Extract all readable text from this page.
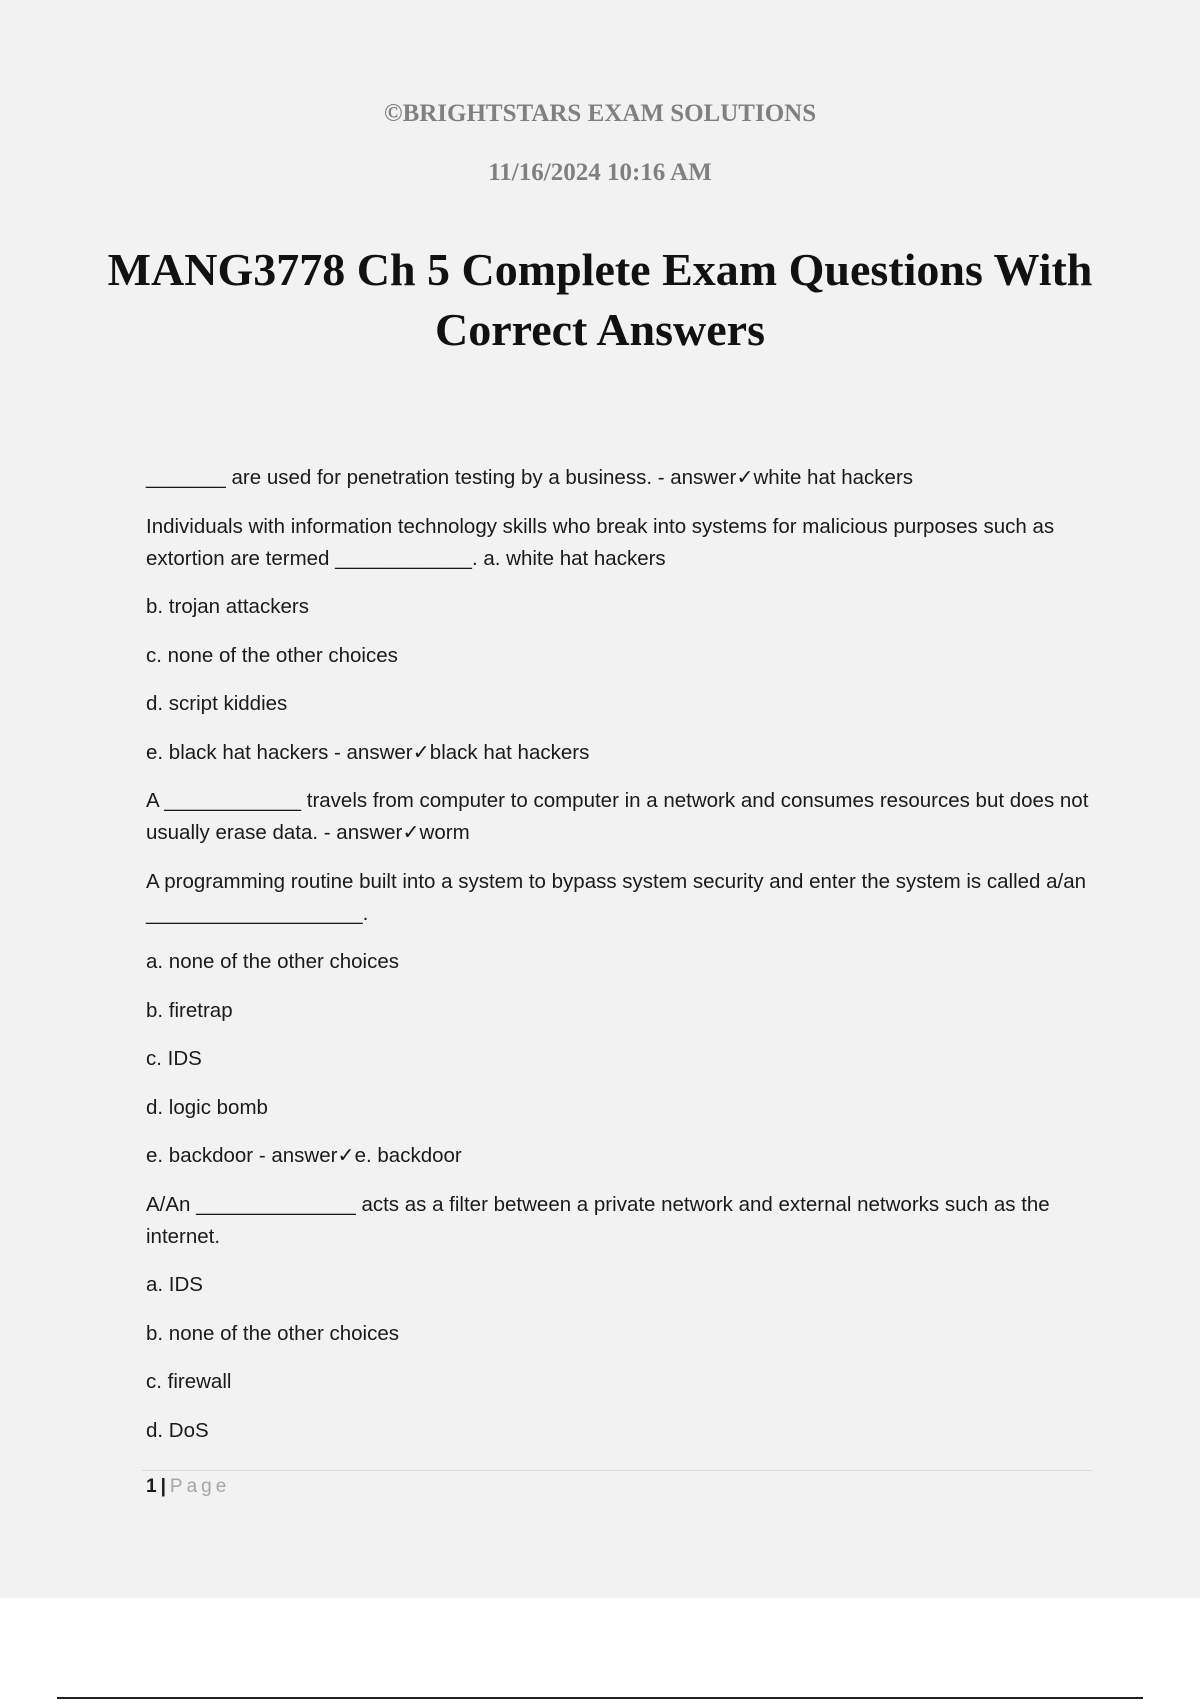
©BRIGHTSTARS EXAM SOLUTIONS
11/16/2024 10:16 AM
MANG3778 Ch 5 Complete Exam Questions With Correct Answers

_______ are used for penetration testing by a business. - answer✓white hat hackers

Individuals with information technology skills who break into systems for malicious purposes such as extortion are termed ____________. a. white hat hackers

b. trojan attackers

c. none of the other choices

d. script kiddies

e. black hat hackers - answer✓black hat hackers

A ____________ travels from computer to computer in a network and consumes resources but does not usually erase data. - answer✓worm

A programming routine built into a system to bypass system security and enter the system is called a/an ___________________.

a. none of the other choices

b. firetrap

c. IDS

d. logic bomb

e. backdoor - answer✓e. backdoor

A/An ______________ acts as a filter between a private network and external networks such as the internet.

a. IDS

b. none of the other choices

c. firewall

d. DoS

1 | Page
